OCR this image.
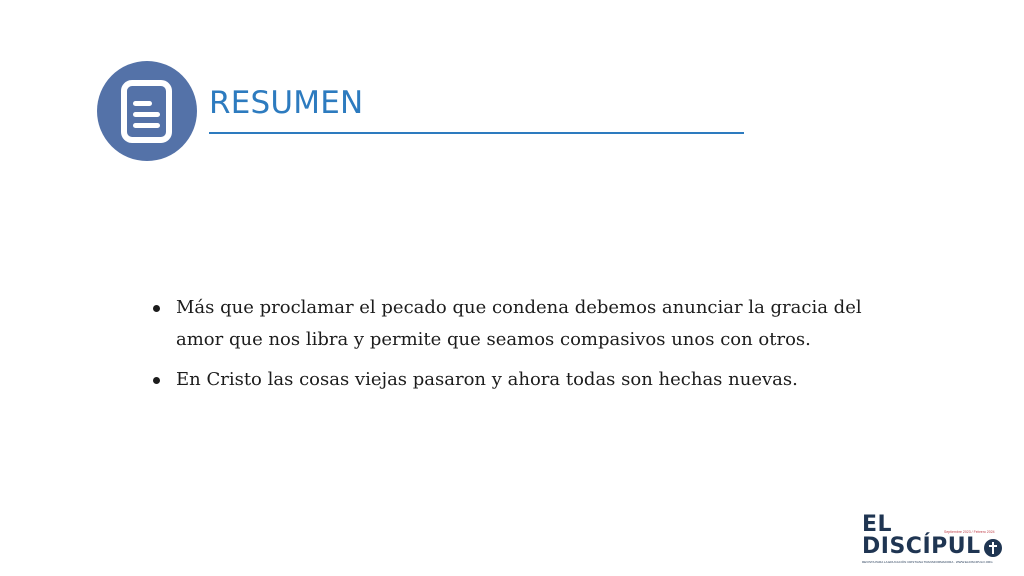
RESUMEN
Más que proclamar el pecado que condena debemos anunciar la gracia del amor que nos libra y permite que seamos compasivos unos con otros.
En Cristo las cosas viejas pasaron y ahora todas son hechas nuevas.
EL	Septiembre 2023 / Febrero 2024
DISCÍPUL
REVISTA PARA LA EDUCACIÓN CRISTIANA TRANSFORMADORA · WWW.ELDISCIPULO.ORG
